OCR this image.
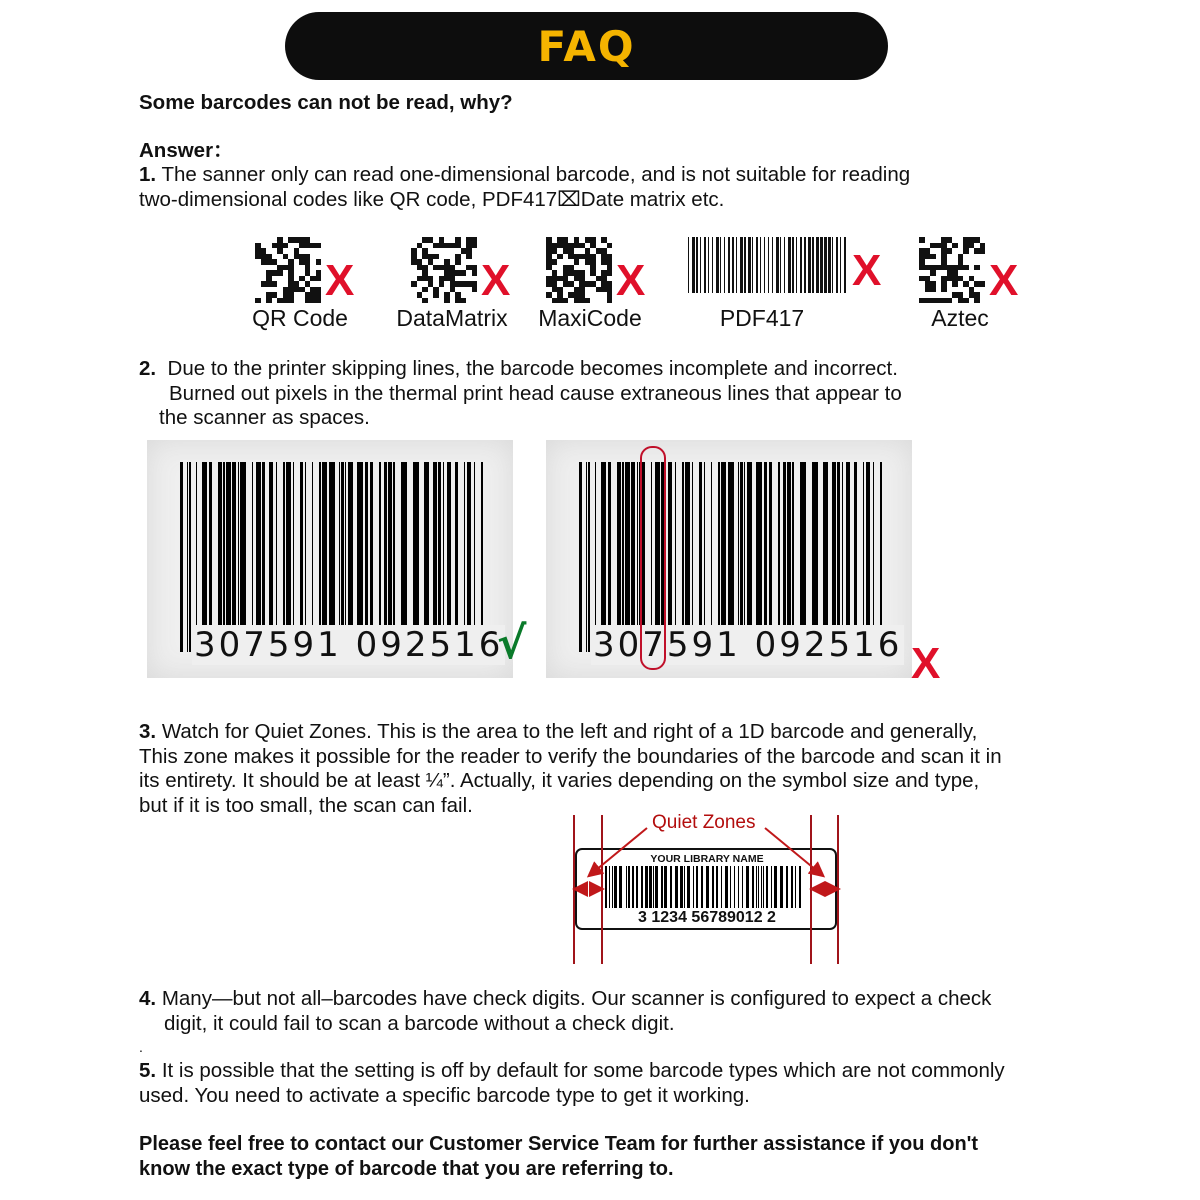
FAQ
Some barcodes can not be read, why?
Answer：
1. The sanner only can read one-dimensional barcode, and is not suitable for reading
two-dimensional codes like QR code, PDF417⌧Date matrix etc.
X
QR Code
X
DataMatrix
X
MaxiCode
X
PDF417
X
Aztec
2. Due to the printer skipping lines, the barcode becomes incomplete and incorrect.
Burned out pixels in the thermal print head cause extraneous lines that appear to
the scanner as spaces.
307591 092516
√ 307591 092516 X
3. Watch for Quiet Zones. This is the area to the left and right of a 1D barcode and generally,
This zone makes it possible for the reader to verify the boundaries of the barcode and scan it in
its entirety. It should be at least ¼”. Actually, it varies depending on the symbol size and type,
but if it is too small, the scan can fail.
Quiet Zones
YOUR LIBRARY NAME
3 1234 56789012 2
4. Many—but not all–barcodes have check digits. Our scanner is configured to expect a check
digit, it could fail to scan a barcode without a check digit.
.
5. It is possible that the setting is off by default for some barcode types which are not commonly
used. You need to activate a specific barcode type to get it working.
Please feel free to contact our Customer Service Team for further assistance if you don't
know the exact type of barcode that you are referring to.
